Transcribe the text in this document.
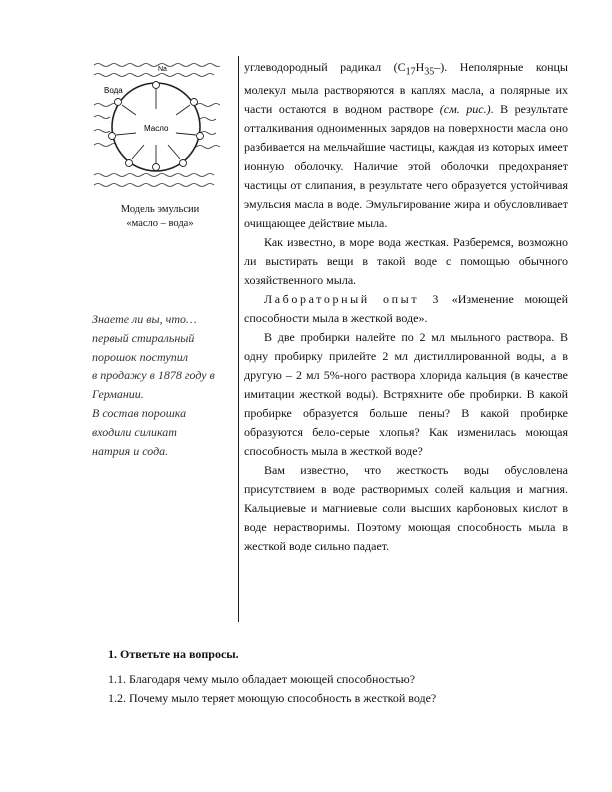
Na
Вода
Масло
Модель эмульсии
«масло – вода»
Знаете ли вы, что…
первый стиральный
порошок поступил
в продажу в 1878 году в
Германии.
В состав порошка
входили силикат
натрия и сода.

углеводородный радикал $(C_{17}H_{35}-)$. Неполярные концы молекул мыла растворяются в каплях масла, а полярные их части остаются в водном растворе (см. рис.). В результате отталкивания одноименных зарядов на поверхности масла оно разбивается на мельчайшие частицы, каждая из которых имеет ионную оболочку. Наличие этой оболочки предохраняет частицы от слипания, в результате чего образуется устойчивая эмульсия масла в воде. Эмульгирование жира и обусловливает очищающее действие мыла.

Как известно, в море вода жесткая. Разберемся, возможно ли выстирать вещи в такой воде с помощью обычного хозяйственного мыла.

Лабораторный опыт 3 «Изменение моющей способности мыла в жесткой воде».

В две пробирки налейте по 2 мл мыльного раствора. В одну пробирку прилейте 2 мл дистиллированной воды, а в другую – 2 мл 5%-ного раствора хлорида кальция (в качестве имитации жесткой воды). Встряхните обе пробирки. В какой пробирке образуется больше пены? В какой пробирке образуются бело-серые хлопья? Как изменилась моющая способность мыла в жесткой воде?

Вам известно, что жесткость воды обусловлена присутствием в воде растворимых солей кальция и магния. Кальциевые и магниевые соли высших карбоновых кислот в воде нерастворимы. Поэтому моющая способность мыла в жесткой воде сильно падает.

1. Ответьте на вопросы.
1.1. Благодаря чему мыло обладает моющей способностью?
1.2. Почему мыло теряет моющую способность в жесткой воде?
